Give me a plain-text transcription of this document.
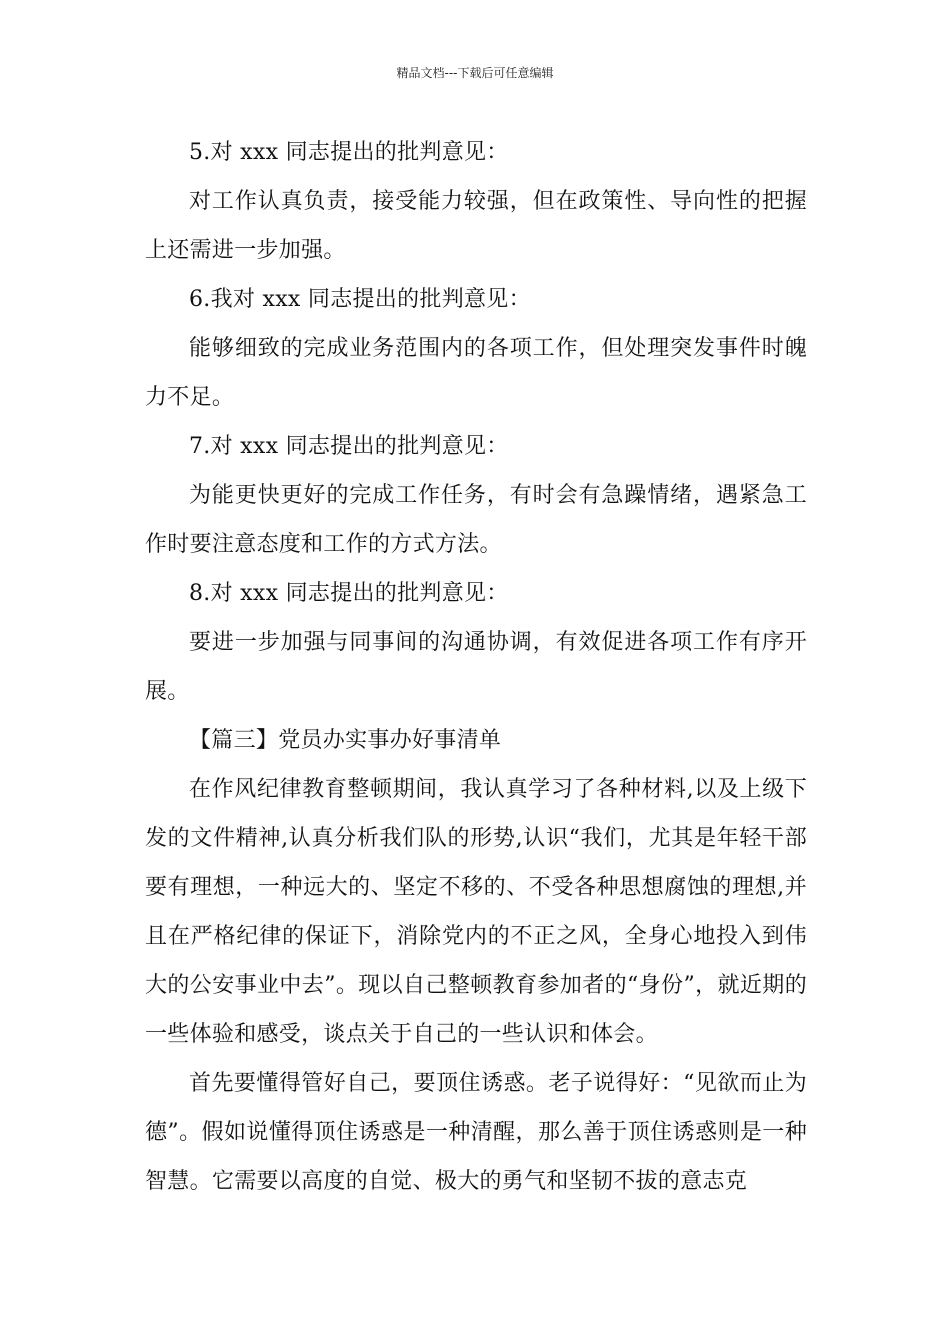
精品文档---下载后可任意编辑

5.对 xxx 同志提出的批判意见：

对工作认真负责，接受能力较强，但在政策性、导向性的把握上还需进一步加强。

6.我对 xxx 同志提出的批判意见：

能够细致的完成业务范围内的各项工作，但处理突发事件时魄力不足。

7.对 xxx 同志提出的批判意见：

为能更快更好的完成工作任务，有时会有急躁情绪，遇紧急工作时要注意态度和工作的方式方法。

8.对 xxx 同志提出的批判意见：

要进一步加强与同事间的沟通协调，有效促进各项工作有序开展。

【篇三】党员办实事办好事清单

在作风纪律教育整顿期间，我认真学习了各种材料,以及上级下发的文件精神,认真分析我们队的形势,认识“我们，尤其是年轻干部要有理想，一种远大的、坚定不移的、不受各种思想腐蚀的理想,并且在严格纪律的保证下，消除党内的不正之风，全身心地投入到伟大的公安事业中去”。现以自己整顿教育参加者的“身份”，就近期的一些体验和感受，谈点关于自己的一些认识和体会。

首先要懂得管好自己，要顶住诱惑。老子说得好：“见欲而止为德”。假如说懂得顶住诱惑是一种清醒，那么善于顶住诱惑则是一种智慧。它需要以高度的自觉、极大的勇气和坚韧不拔的意志克
